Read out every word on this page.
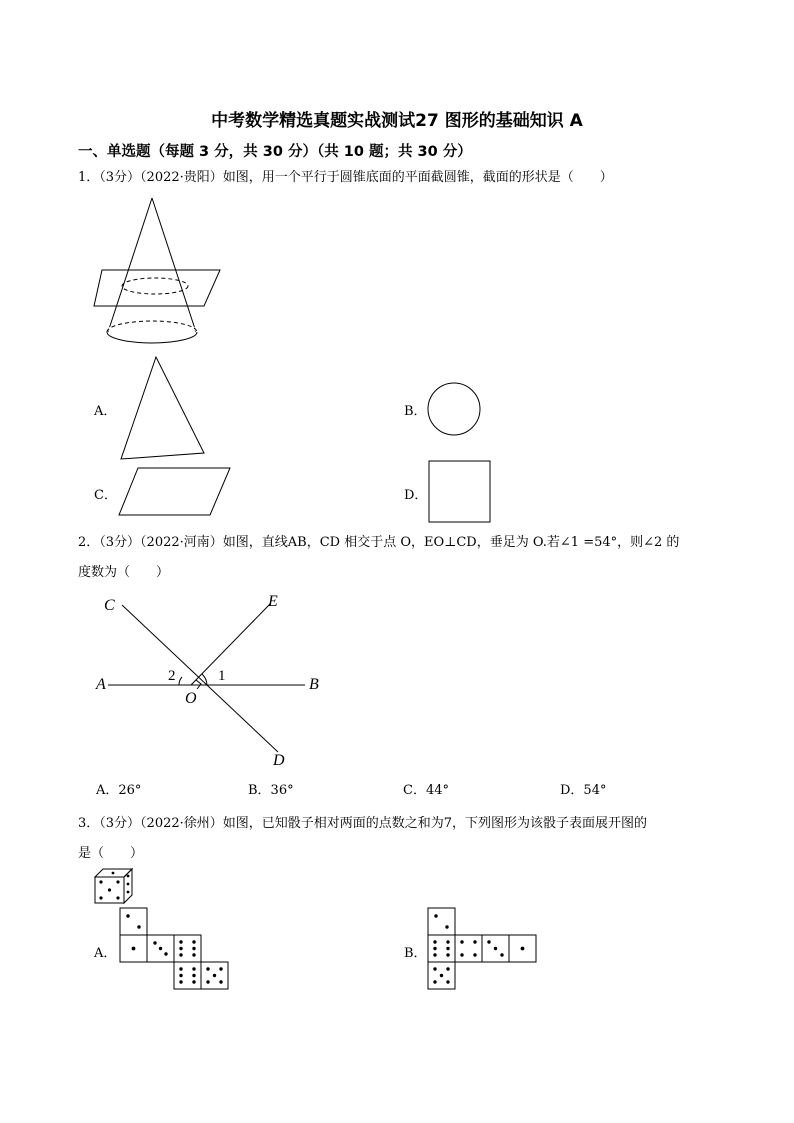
中考数学精选真题实战测试27 图形的基础知识 A
一、单选题（每题 3 分，共 30 分）（共 10 题；共 30 分）
1．（3分）（2022·贵阳）如图，用一个平行于圆锥底面的平面截圆锥，截面的形状是（　　）
A．	B．
C．	D．
2．（3分）（2022·河南）如图，直线AB，CD 相交于点 O，EO⊥CD，垂足为 O.若∠1 =54°，则∠2 的
度数为（　　）
C	E
A	B
O
D
1
2
A．26°	B．36°	C．44°	D．54°
3．（3分）（2022·徐州）如图，已知骰子相对两面的点数之和为7，下列图形为该骰子表面展开图的
是（　　）
A．	B．
